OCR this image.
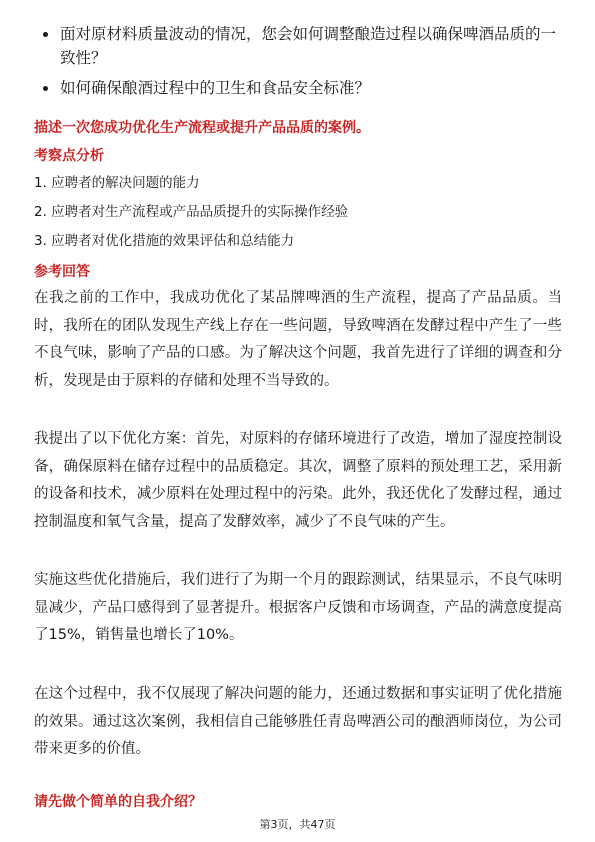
面对原材料质量波动的情况，您会如何调整酿造过程以确保啤酒品质的一致性？
如何确保酿酒过程中的卫生和食品安全标准？
描述一次您成功优化生产流程或提升产品品质的案例。
考察点分析
1. 应聘者的解决问题的能力
2. 应聘者对生产流程或产品品质提升的实际操作经验
3. 应聘者对优化措施的效果评估和总结能力
参考回答

在我之前的工作中，我成功优化了某品牌啤酒的生产流程，提高了产品品质。当时，我所在的团队发现生产线上存在一些问题，导致啤酒在发酵过程中产生了一些不良气味，影响了产品的口感。为了解决这个问题，我首先进行了详细的调查和分析，发现是由于原料的存储和处理不当导致的。

我提出了以下优化方案：首先，对原料的存储环境进行了改造，增加了湿度控制设备，确保原料在储存过程中的品质稳定。其次，调整了原料的预处理工艺，采用新的设备和技术，减少原料在处理过程中的污染。此外，我还优化了发酵过程，通过控制温度和氧气含量，提高了发酵效率，减少了不良气味的产生。

实施这些优化措施后，我们进行了为期一个月的跟踪测试，结果显示，不良气味明显减少，产品口感得到了显著提升。根据客户反馈和市场调查，产品的满意度提高了15%，销售量也增长了10%。

在这个过程中，我不仅展现了解决问题的能力，还通过数据和事实证明了优化措施的效果。通过这次案例，我相信自己能够胜任青岛啤酒公司的酿酒师岗位，为公司带来更多的价值。

请先做个简单的自我介绍？
第3页，共47页
